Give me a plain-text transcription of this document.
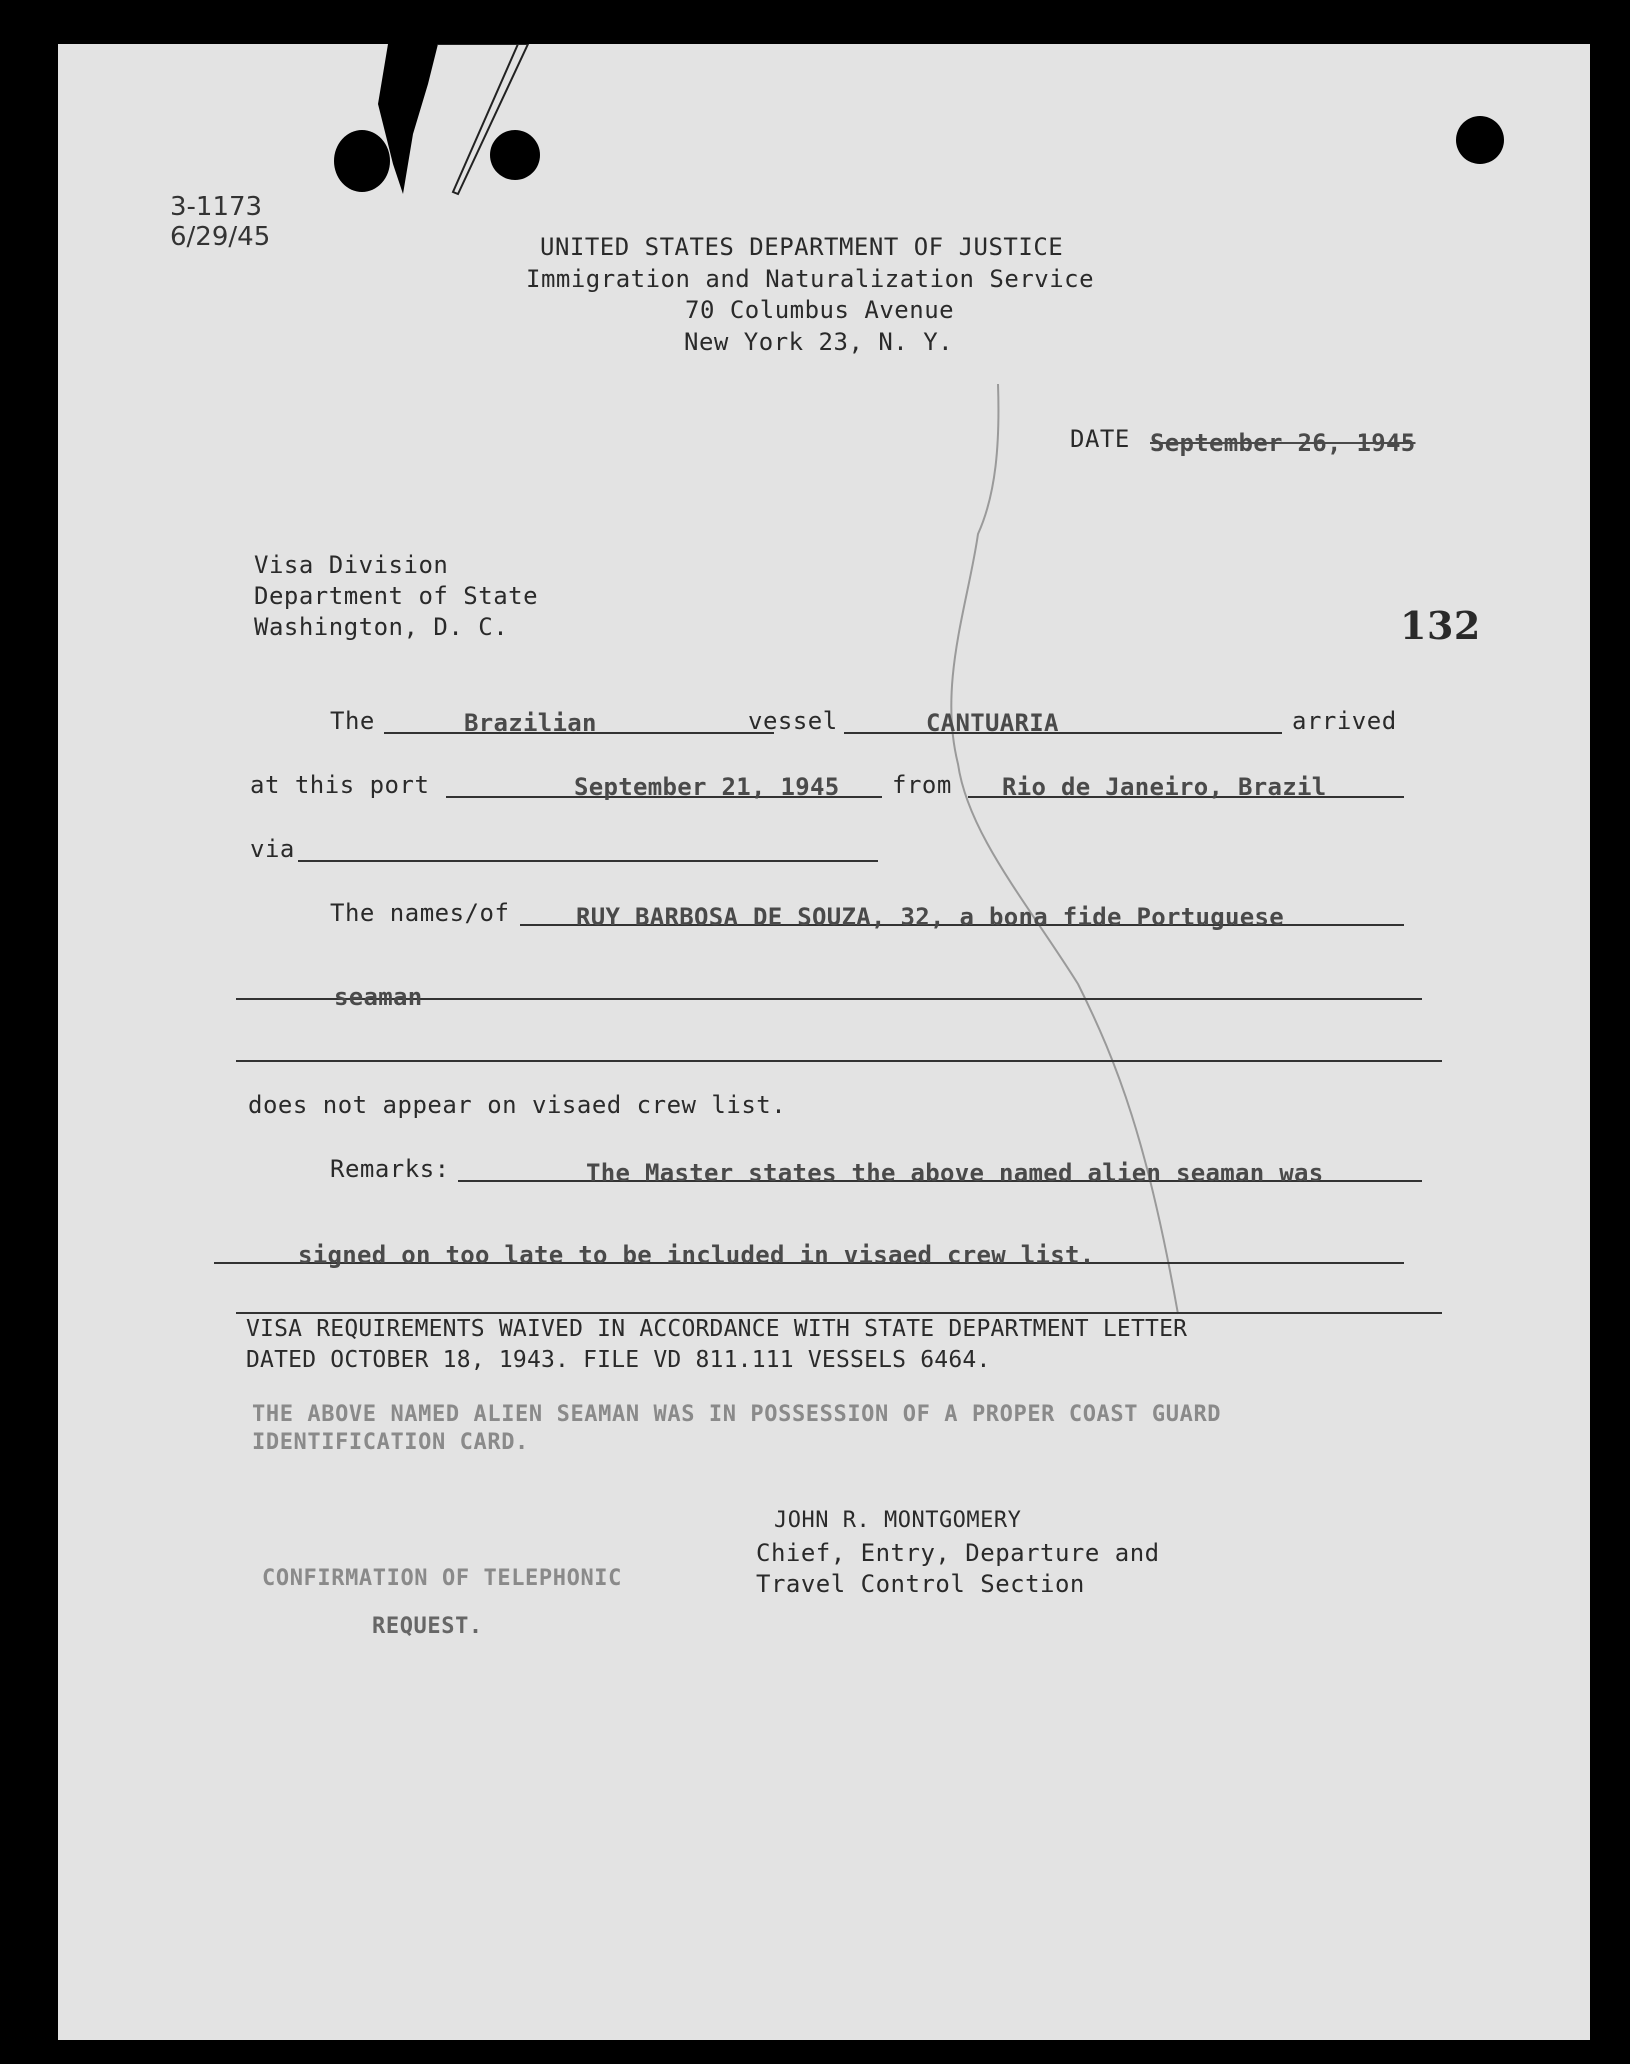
3-1173
6/29/45	UNITED STATES DEPARTMENT OF JUSTICE
Immigration and Naturalization Service
70 Columbus Avenue
New York 23, N. Y.
DATE September 26, 1945
Visa Division
Department of State
Washington, D. C.	132
The	Brazilian	vessel	CANTUARIA	arrived
at this port	September 21, 1945 from Rio de Janeiro, Brazil
via
The names/of	RUY BARBOSA DE SOUZA, 32, a bona fide Portuguese
seaman
does not appear on visaed crew list.
Remarks:	The Master states the above named alien seaman was
signed on too late to be included in visaed crew list.
VISA REQUIREMENTS WAIVED IN ACCORDANCE WITH STATE DEPARTMENT LETTER
DATED OCTOBER 18, 1943. FILE VD 811.111 VESSELS 6464.
THE ABOVE NAMED ALIEN SEAMAN WAS IN POSSESSION OF A PROPER COAST GUARD
IDENTIFICATION CARD.
JOHN R. MONTGOMERY
Chief, Entry, Departure and
Travel Control Section
CONFIRMATION OF TELEPHONIC
REQUEST.
